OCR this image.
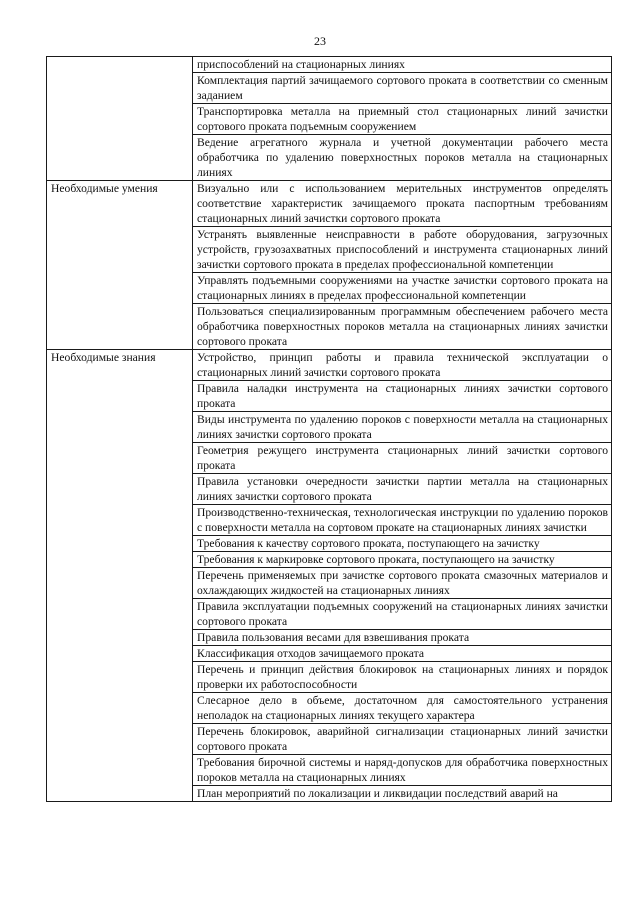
23
	приспособлений на стационарных линиях
	Комплектация партий зачищаемого сортового проката в соответствии со сменным заданием
	Транспортировка металла на приемный стол стационарных линий зачистки сортового проката подъемным сооружением
	Ведение агрегатного журнала и учетной документации рабочего места обработчика по удалению поверхностных пороков металла на стационарных линиях
Необходимые умения	Визуально или с использованием мерительных инструментов определять соответствие характеристик зачищаемого проката паспортным требованиям стационарных линий зачистки сортового проката
	Устранять выявленные неисправности в работе оборудования, загрузочных устройств, грузозахватных приспособлений и инструмента стационарных линий зачистки сортового проката в пределах профессиональной компетенции
	Управлять подъемными сооружениями на участке зачистки сортового проката на стационарных линиях в пределах профессиональной компетенции
	Пользоваться специализированным программным обеспечением рабочего места обработчика поверхностных пороков металла на стационарных линиях зачистки сортового проката
Необходимые знания	Устройство, принцип работы и правила технической эксплуатации о стационарных линий зачистки сортового проката
	Правила наладки инструмента на стационарных линиях зачистки сортового проката
	Виды инструмента по удалению пороков с поверхности металла на стационарных линиях зачистки сортового проката
	Геометрия режущего инструмента стационарных линий зачистки сортового проката
	Правила установки очередности зачистки партии металла на стационарных линиях зачистки сортового проката
	Производственно-техническая, технологическая инструкции по удалению пороков с поверхности металла на сортовом прокате на стационарных линиях зачистки
	Требования к качеству сортового проката, поступающего на зачистку
	Требования к маркировке сортового проката, поступающего на зачистку
	Перечень применяемых при зачистке сортового проката смазочных материалов и охлаждающих жидкостей на стационарных линиях
	Правила эксплуатации подъемных сооружений на стационарных линиях зачистки сортового проката
	Правила пользования весами для взвешивания проката
	Классификация отходов зачищаемого проката
	Перечень и принцип действия блокировок на стационарных линиях и порядок проверки их работоспособности
	Слесарное дело в объеме, достаточном для самостоятельного устранения неполадок на стационарных линиях текущего характера
	Перечень блокировок, аварийной сигнализации стационарных линий зачистки сортового проката
	Требования бирочной системы и наряд-допусков для обработчика поверхностных пороков металла на стационарных линиях
	План мероприятий по локализации и ликвидации последствий аварий на
